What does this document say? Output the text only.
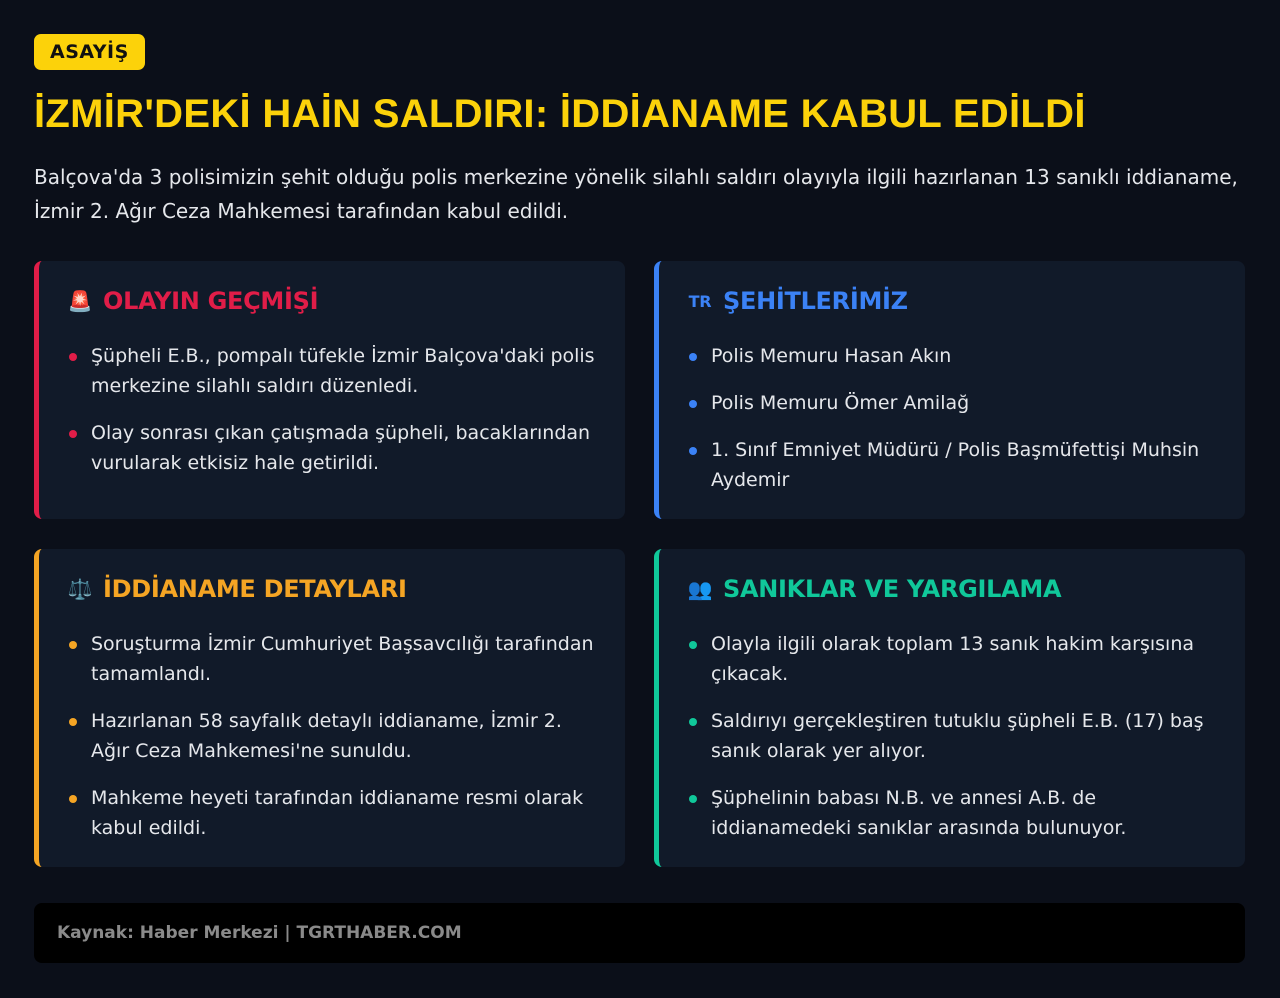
ASAYİŞ
İZMİR'DEKİ HAİN SALDIRI: İDDİANAME KABUL EDİLDİ

Balçova'da 3 polisimizin şehit olduğu polis merkezine yönelik silahlı saldırı olayıyla ilgili hazırlanan 13 sanıklı iddianame, İzmir 2. Ağır Ceza Mahkemesi tarafından kabul edildi.

🚨 OLAYIN GEÇMİŞİ
Şüpheli E.B., pompalı tüfekle İzmir Balçova'daki polis merkezine silahlı saldırı düzenledi.
Olay sonrası çıkan çatışmada şüpheli, bacaklarından vurularak etkisiz hale getirildi.
TR ŞEHİTLERİMİZ
Polis Memuru Hasan Akın
Polis Memuru Ömer Amilağ
1. Sınıf Emniyet Müdürü / Polis Başmüfettişi Muhsin Aydemir
⚖️ İDDİANAME DETAYLARI
Soruşturma İzmir Cumhuriyet Başsavcılığı tarafından tamamlandı.
Hazırlanan 58 sayfalık detaylı iddianame, İzmir 2. Ağır Ceza Mahkemesi'ne sunuldu.
Mahkeme heyeti tarafından iddianame resmi olarak kabul edildi.
👥 SANIKLAR VE YARGILAMA
Olayla ilgili olarak toplam 13 sanık hakim karşısına çıkacak.
Saldırıyı gerçekleştiren tutuklu şüpheli E.B. (17) baş sanık olarak yer alıyor.
Şüphelinin babası N.B. ve annesi A.B. de iddianamedeki sanıklar arasında bulunuyor.
Kaynak: Haber Merkezi | TGRTHABER.COM
